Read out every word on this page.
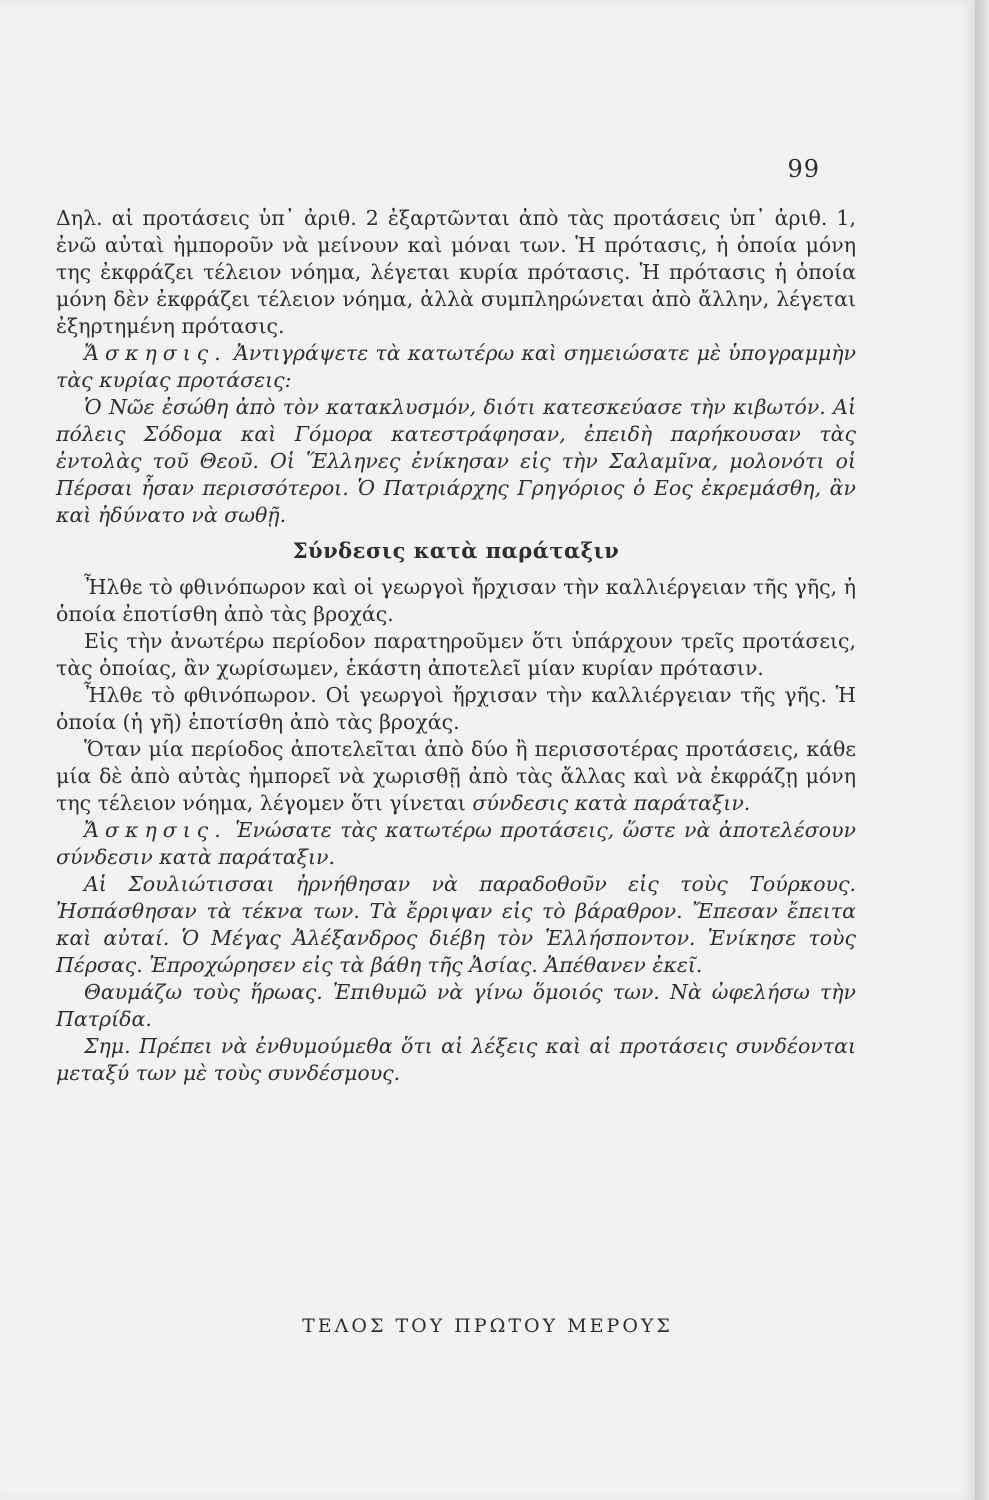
99

Δηλ. αἱ προτάσεις ὑπ᾽ ἀριθ. 2 ἐξαρτῶνται ἀπὸ τὰς προτάσεις ὑπ᾽ ἀριθ. 1, ἐνῶ αὐταὶ ἠμποροῦν νὰ μείνουν καὶ μόναι των. Ἡ πρότασις, ἡ ὁποία μόνη της ἐκφράζει τέλειον νόημα, λέγεται κυρία πρότασις. Ἡ πρότασις ἡ ὁποία μόνη δὲν ἐκφράζει τέλειον νόημα, ἀλλὰ συμπληρώνεται ἀπὸ ἄλλην, λέγεται ἐξηρτημένη πρότασις.

Ἄσκησις. Ἀντιγράψετε τὰ κατωτέρω καὶ σημειώσατε μὲ ὑπογραμμὴν τὰς κυρίας προτάσεις:

Ὁ Νῶε ἐσώθη ἀπὸ τὸν κατακλυσμόν, διότι κατεσκεύασε τὴν κιβωτόν. Αἱ πόλεις Σόδομα καὶ Γόμορα κατεστράφησαν, ἐπειδὴ παρήκουσαν τὰς ἐντολὰς τοῦ Θεοῦ. Οἱ Ἕλληνες ἐνίκησαν εἰς τὴν Σαλαμῖνα, μολονότι οἱ Πέρσαι ἦσαν περισσότεροι. Ὁ Πατριάρχης Γρηγόριος ὁ Εος ἐκρεμάσθη, ἂν καὶ ἠδύνατο νὰ σωθῇ.

Σύνδεσις κατὰ παράταξιν

Ἦλθε τὸ φθινόπωρον καὶ οἱ γεωργοὶ ἤρχισαν τὴν καλλιέργειαν τῆς γῆς, ἡ ὁποία ἐποτίσθη ἀπὸ τὰς βροχάς.

Εἰς τὴν ἀνωτέρω περίοδον παρατηροῦμεν ὅτι ὑπάρχουν τρεῖς προτάσεις, τὰς ὁποίας, ἂν χωρίσωμεν, ἑκάστη ἀποτελεῖ μίαν κυρίαν πρότασιν.

Ἦλθε τὸ φθινόπωρον. Οἱ γεωργοὶ ἤρχισαν τὴν καλλιέργειαν τῆς γῆς. Ἡ ὁποία (ἡ γῆ) ἐποτίσθη ἀπὸ τὰς βροχάς.

Ὅταν μία περίοδος ἀποτελεῖται ἀπὸ δύο ἢ περισσοτέρας προτάσεις, κάθε μία δὲ ἀπὸ αὐτὰς ἠμπορεῖ νὰ χωρισθῇ ἀπὸ τὰς ἄλλας καὶ νὰ ἐκφράζῃ μόνη της τέλειον νόημα, λέγομεν ὅτι γίνεται σύνδεσις κατὰ παράταξιν.

Ἄσκησις. Ἑνώσατε τὰς κατωτέρω προτάσεις, ὥστε νὰ ἀποτελέσουν σύνδεσιν κατὰ παράταξιν.

Αἱ Σουλιώτισσαι ἠρνήθησαν νὰ παραδοθοῦν εἰς τοὺς Τούρκους. Ἠσπάσθησαν τὰ τέκνα των. Τὰ ἔρριψαν εἰς τὸ βάραθρον. Ἔπεσαν ἔπειτα καὶ αὐταί. Ὁ Μέγας Ἀλέξανδρος διέβη τὸν Ἑλλήσποντον. Ἐνίκησε τοὺς Πέρσας. Ἐπροχώρησεν εἰς τὰ βάθη τῆς Ἀσίας. Ἀπέθανεν ἐκεῖ.

Θαυμάζω τοὺς ἥρωας. Ἐπιθυμῶ νὰ γίνω ὅμοιός των. Νὰ ὠφελήσω τὴν Πατρίδα.

Σημ. Πρέπει νὰ ἐνθυμούμεθα ὅτι αἱ λέξεις καὶ αἱ προτάσεις συνδέονται μεταξύ των μὲ τοὺς συνδέσμους.

ΤΕΛΟΣ ΤΟΥ ΠΡΩΤΟΥ ΜΕΡΟΥΣ
